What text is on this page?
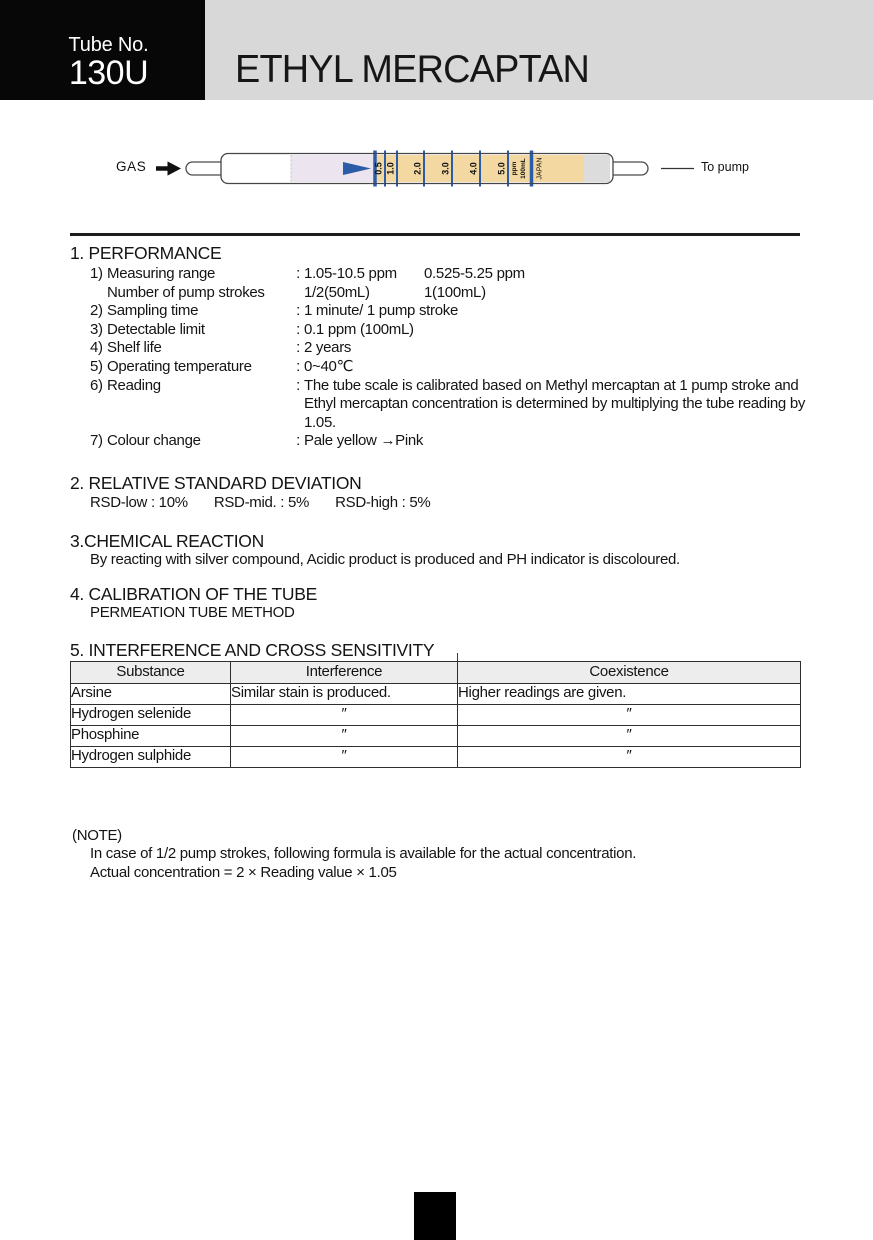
Tube No.
130U	ETHYL MERCAPTAN
0.5 1.0 2.0 3.0 4.0 5.0 ppm 100mL JAPAN
GAS	To pump
1. PERFORMANCE
1) Measuring range	: 1.05-10.5 ppm 0.525-5.25 ppm
Number of pump strokes	1/2(50mL)	1(100mL)
2) Sampling time	: 1 minute/ 1 pump stroke
3) Detectable limit	: 0.1 ppm (100mL)
4) Shelf life	: 2 years
5) Operating temperature	: 0~40℃
6) Reading	: The tube scale is calibrated based on Methyl mercaptan at 1 pump stroke and Ethyl mercaptan concentration is determined by multiplying the tube reading by 1.05.
7) Colour change	: Pale yellow →Pink
2. RELATIVE STANDARD DEVIATION
RSD-low : 10% RSD-mid. : 5% RSD-high : 5%
3.CHEMICAL REACTION
By reacting with silver compound, Acidic product is produced and PH indicator is discoloured.
4. CALIBRATION OF THE TUBE
PERMEATION TUBE METHOD
5. INTERFERENCE AND CROSS SENSITIVITY
Substance	Interference	Coexistence
Arsine	Similar stain is produced.	Higher readings are given.
Hydrogen selenide	″	″
Phosphine	″	″
Hydrogen sulphide	″	″
(NOTE)
In case of 1/2 pump strokes, following formula is available for the actual concentration.
Actual concentration = 2 × Reading value × 1.05
